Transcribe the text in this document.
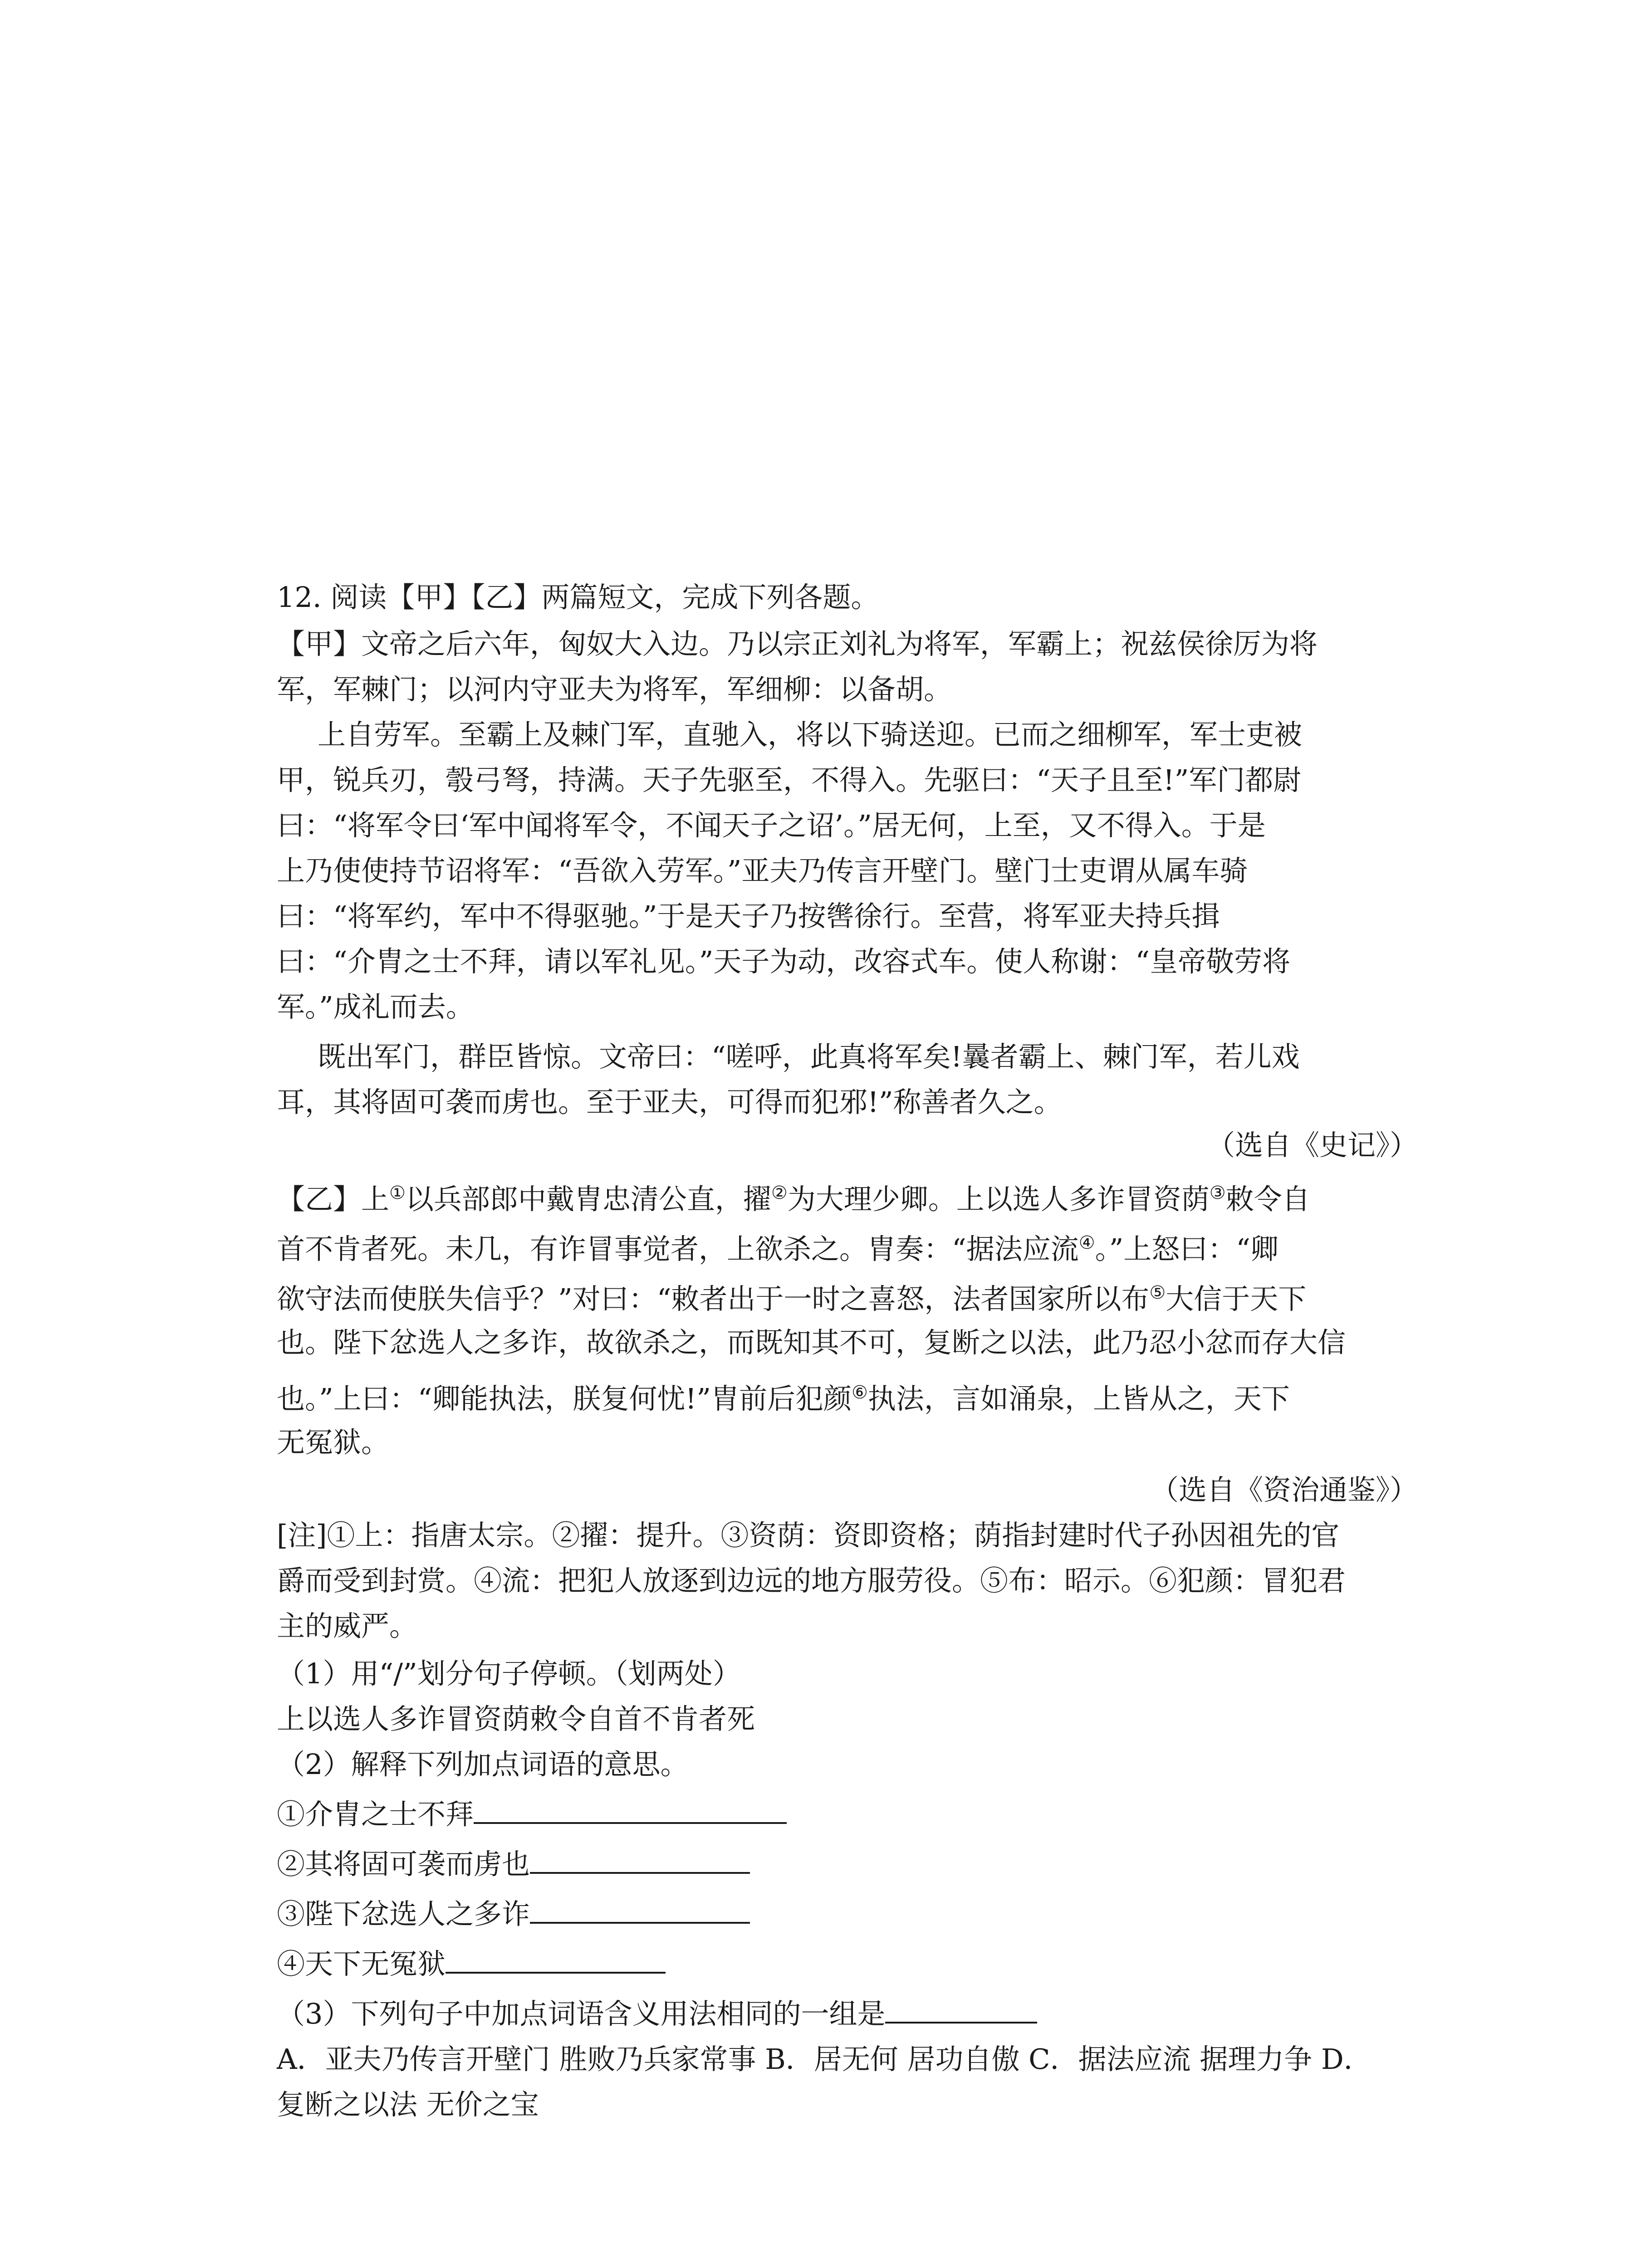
12. 阅读【甲】【乙】两篇短文，完成下列各题。
【甲】文帝之后六年，匈奴大入边。乃以宗正刘礼为将军，军霸上；祝兹侯徐厉为将
军，军棘门；以河内守亚夫为将军，军细柳：以备胡。
上自劳军。至霸上及棘门军，直驰入，将以下骑送迎。已而之细柳军，军士吏被
甲，锐兵刃，彀弓弩，持满。天子先驱至，不得入。先驱曰：“天子且至!”军门都尉
曰：“将军令曰‘军中闻将军令，不闻天子之诏’。”居无何，上至，又不得入。于是
上乃使使持节诏将军：“吾欲入劳军。”亚夫乃传言开壁门。壁门士吏谓从属车骑
曰：“将军约，军中不得驱驰。”于是天子乃按辔徐行。至营，将军亚夫持兵揖
曰：“介胄之士不拜，请以军礼见。”天子为动，改容式车。使人称谢：“皇帝敬劳将
军。”成礼而去。
既出军门，群臣皆惊。文帝曰：“嗟呼，此真将军矣!曩者霸上、棘门军，若儿戏
耳，其将固可袭而虏也。至于亚夫，可得而犯邪!”称善者久之。
（选自《史记》）
【乙】上①以兵部郎中戴胄忠清公直，擢②为大理少卿。上以选人多诈冒资荫③敕令自
首不肯者死。未几，有诈冒事觉者，上欲杀之。胄奏：“据法应流④。”上怒曰：“卿
欲守法而使朕失信乎？”对曰：“敕者出于一时之喜怒，法者国家所以布⑤大信于天下
也。陛下忿选人之多诈，故欲杀之，而既知其不可，复断之以法，此乃忍小忿而存大信
也。”上曰：“卿能执法，朕复何忧!”胄前后犯颜⑥执法，言如涌泉，上皆从之，天下
无冤狱。
（选自《资治通鉴》）
[注]①上：指唐太宗。②擢：提升。③资荫：资即资格；荫指封建时代子孙因祖先的官
爵而受到封赏。④流：把犯人放逐到边远的地方服劳役。⑤布：昭示。⑥犯颜：冒犯君
主的威严。
（1）用“/”划分句子停顿。（划两处）
上以选人多诈冒资荫敕令自首不肯者死
（2）解释下列加点词语的意思。
①介胄之士不拜
②其将固可袭而虏也
③陛下忿选人之多诈
④天下无冤狱
（3）下列句子中加点词语含义用法相同的一组是
A．亚夫乃传言开壁门 胜败乃兵家常事 B．居无何 居功自傲 C．据法应流 据理力争 D．
复断之以法 无价之宝
